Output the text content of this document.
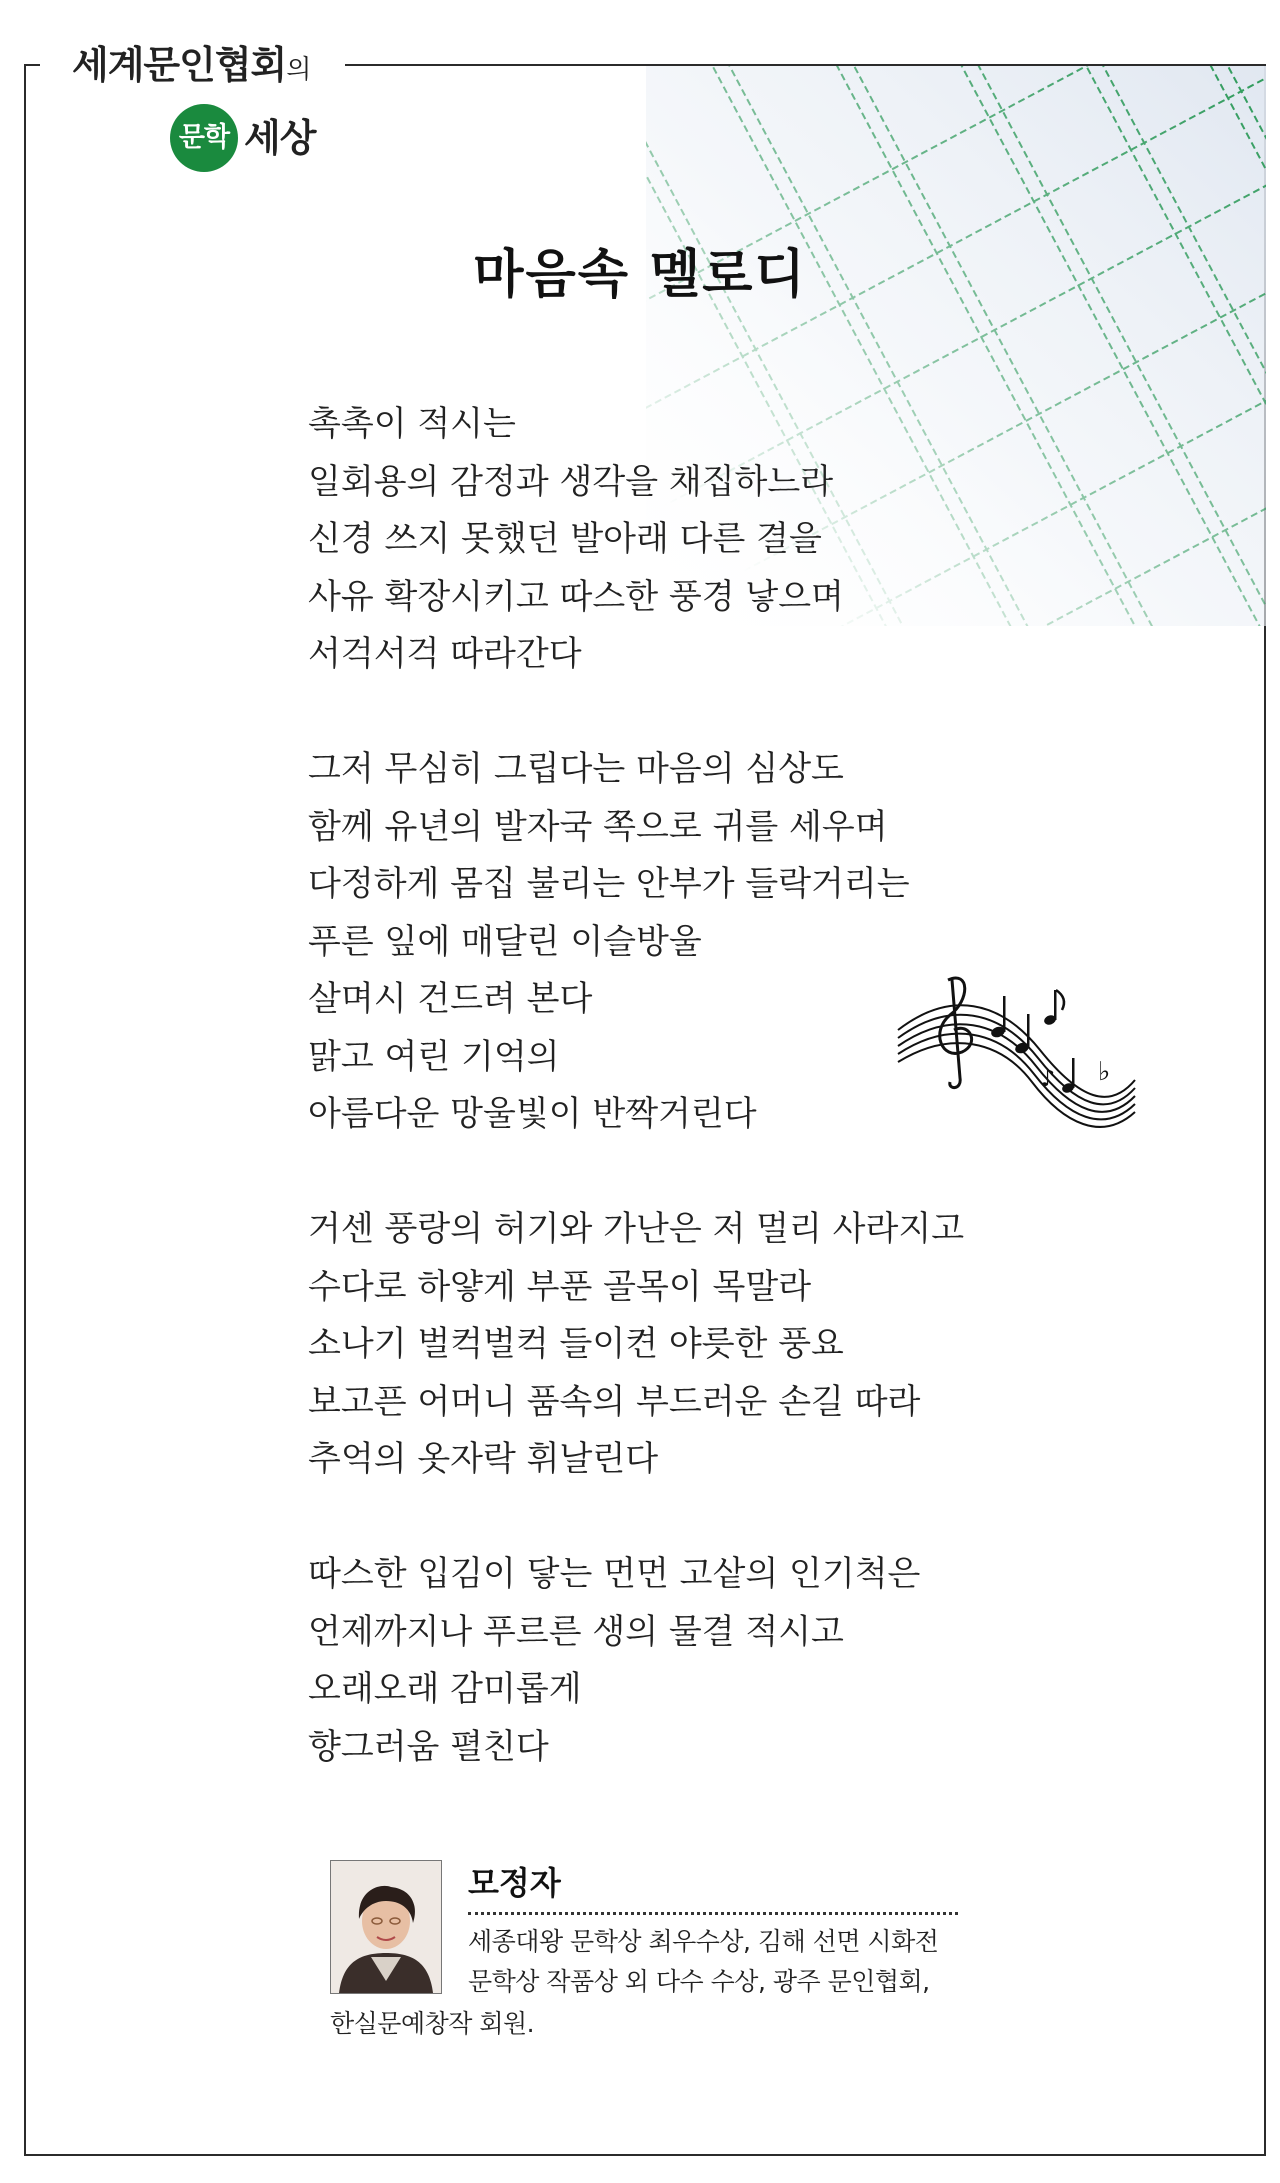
세계문인협회의
문학 세상
마음속 멜로디
촉촉이 적시는
일회용의 감정과 생각을 채집하느라
신경 쓰지 못했던 발아래 다른 결을
사유 확장시키고 따스한 풍경 낳으며
서걱서걱 따라간다
그저 무심히 그립다는 마음의 심상도
함께 유년의 발자국 쪽으로 귀를 세우며
다정하게 몸집 불리는 안부가 들락거리는
푸른 잎에 매달린 이슬방울
살며시 건드려 본다
맑고 여린 기억의
아름다운 망울빛이 반짝거린다
거센 풍랑의 허기와 가난은 저 멀리 사라지고
수다로 하얗게 부푼 골목이 목말라
소나기 벌컥벌컥 들이켠 야릇한 풍요
보고픈 어머니 품속의 부드러운 손길 따라
추억의 옷자락 휘날린다
따스한 입김이 닿는 먼먼 고샅의 인기척은
언제까지나 푸르른 생의 물결 적시고
오래오래 감미롭게
향그러움 펼친다
♭
♪
모정자
세종대왕 문학상 최우수상, 김해 선면 시화전
문학상 작품상 외 다수 수상, 광주 문인협회,
한실문예창작 회원.
